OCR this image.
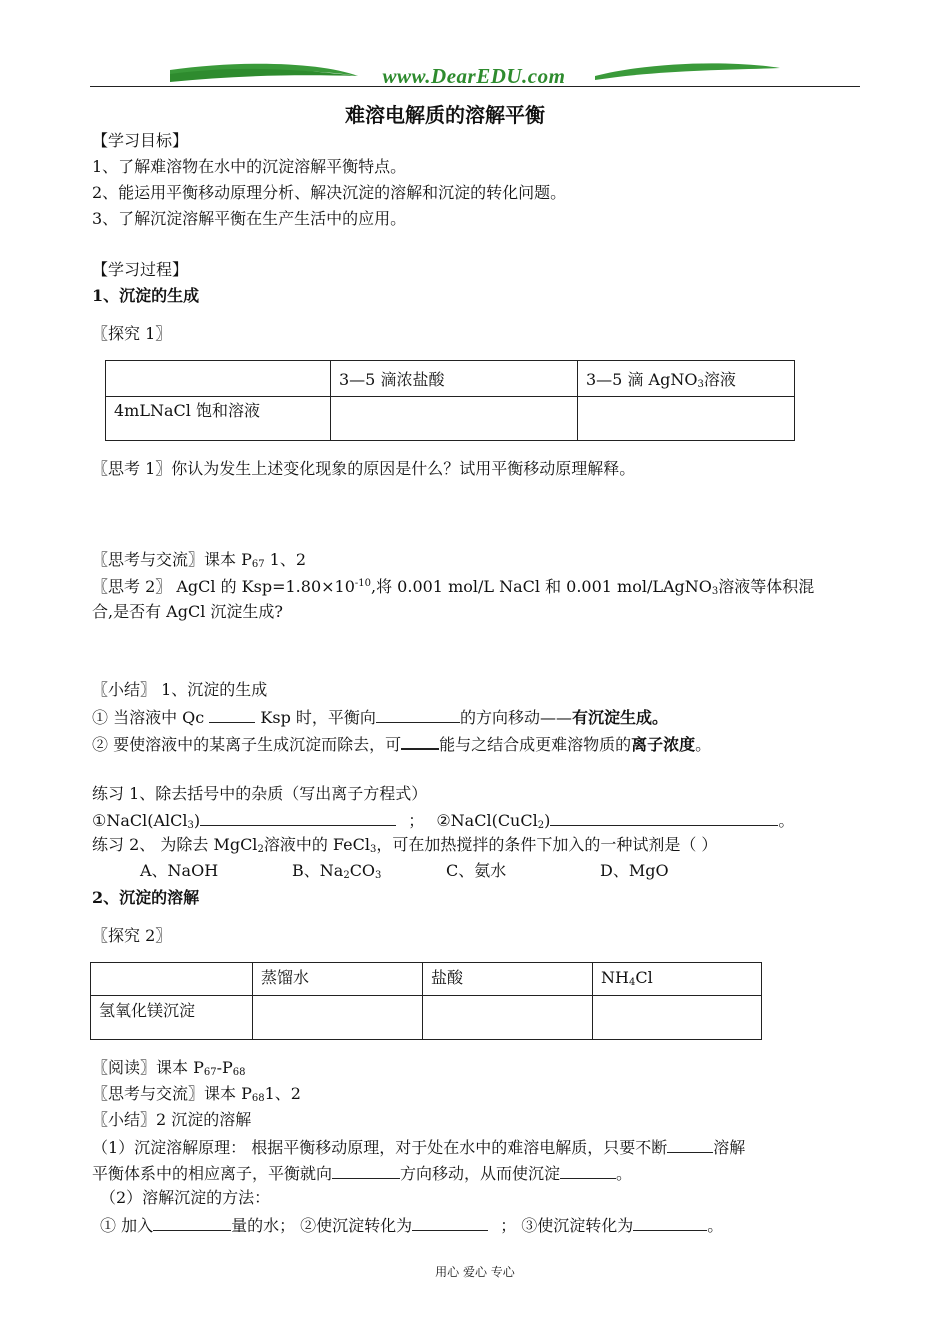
www.DearEDU.com
难溶电解质的溶解平衡
【学习目标】
1、了解难溶物在水中的沉淀溶解平衡特点。
2、能运用平衡移动原理分析、解决沉淀的溶解和沉淀的转化问题。
3、了解沉淀溶解平衡在生产生活中的应用。
【学习过程】
1、沉淀的生成
〖探究 1〗
	3—5 滴浓盐酸	3—5 滴 AgNO$_3$溶液
4mLNaCl 饱和溶液		
〖思考 1〗你认为发生上述变化现象的原因是什么？试用平衡移动原理解释。
〖思考与交流〗课本 $P_{67}$ 1、2
〖思考 2〗 AgCl 的 $Ksp=1.80\times 10^{-10}$,将 0.001 mol/L NaCl 和 0.001 mol/LAgNO$_3$溶液等体积混
合,是否有 AgCl 沉淀生成?
〖小结〗 1、沉淀的生成
① 当溶液中 Qc	Ksp 时，平衡向	的方向移动——有沉淀生成。
② 要使溶液中的某离子生成沉淀而除去，可 能与之结合成更难溶物质的离子浓度。
练习 1、除去括号中的杂质（写出离子方程式）
①NaCl(AlCl$_3$)	； ②NaCl(CuCl$_2$)	。
练习 2、 为除去 MgCl$_2$溶液中的 FeCl$_3$，可在加热搅拌的条件下加入的一种试剂是（ ）
A、NaOH	B、$Na_2CO_3$	C、氨水	D、MgO
2、沉淀的溶解
〖探究 2〗
	蒸馏水	盐酸	$NH_4Cl$
氢氧化镁沉淀			
〖阅读〗课本 $P_{67}-P_{68}$
〖思考与交流〗课本 $P_{68}1$、2
〖小结〗2 沉淀的溶解
（1）沉淀溶解原理： 根据平衡移动原理，对于处在水中的难溶电解质，只要不断	溶解
平衡体系中的相应离子，平衡就向	方向移动，从而使沉淀	。
（2）溶解沉淀的方法：
① 加入	量的水； ②使沉淀转化为	； ③使沉淀转化为	。
用心 爱心 专心
